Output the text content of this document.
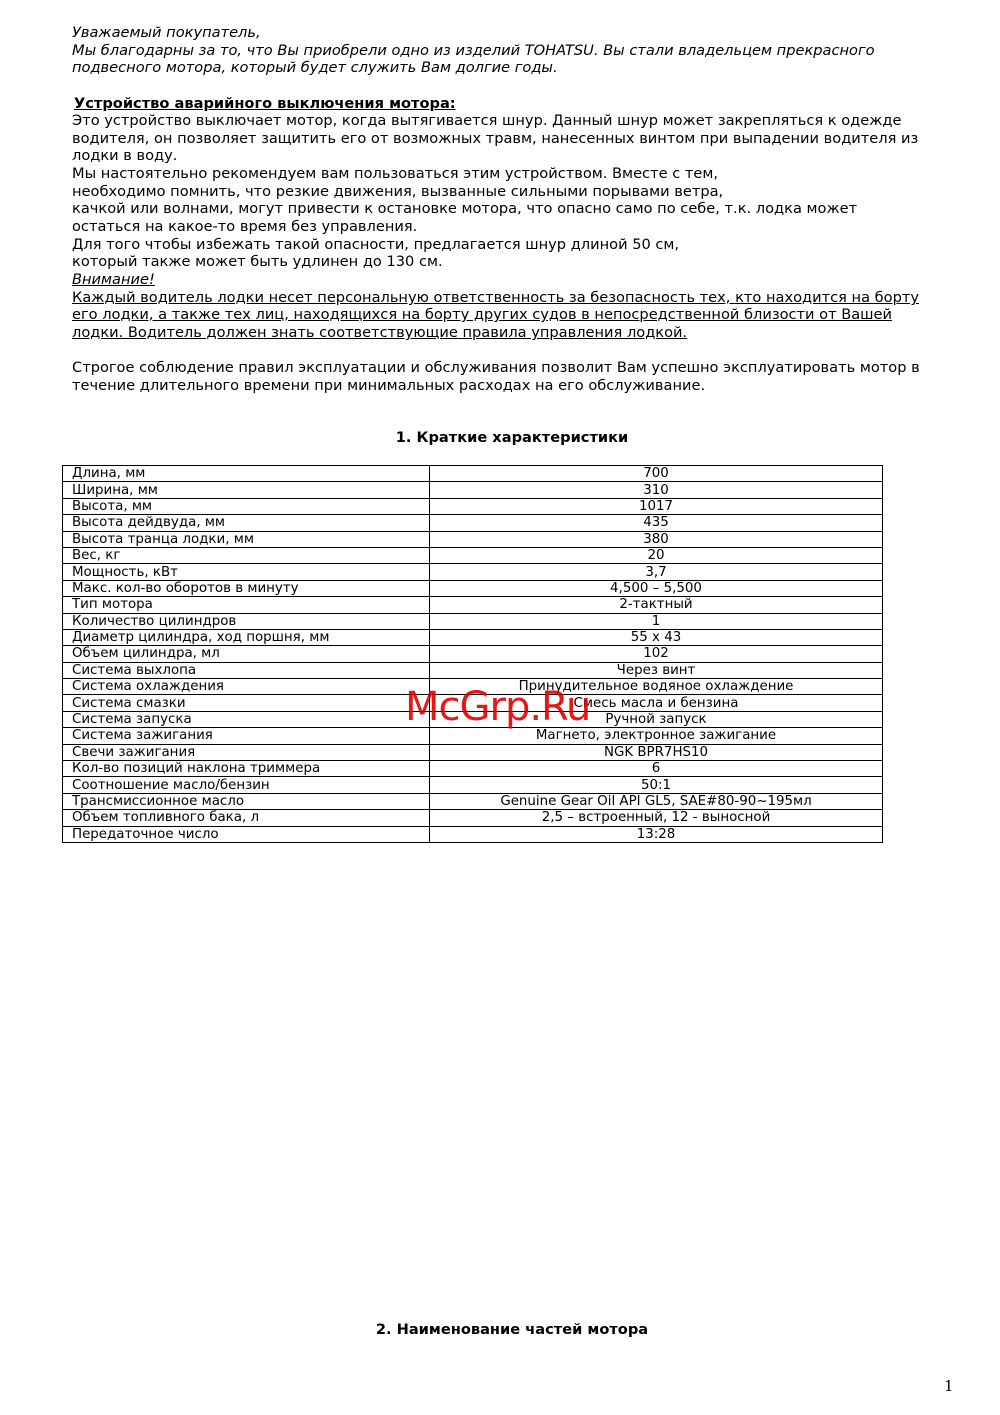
Уважаемый покупатель,
Мы благодарны за то, что Вы приобрели одно из изделий TOHATSU. Вы стали владельцем прекрасного
подвесного мотора, который будет служить Вам долгие годы.
Устройство аварийного выключения мотора:
Это устройство выключает мотор, когда вытягивается шнур. Данный шнур может закрепляться к одежде
водителя, он позволяет защитить его от возможных травм, нанесенных винтом при выпадении водителя из
лодки в воду.
Мы настоятельно рекомендуем вам пользоваться этим устройством. Вместе с тем,
необходимо помнить, что резкие движения, вызванные сильными порывами ветра,
качкой или волнами, могут привести к остановке мотора, что опасно само по себе, т.к. лодка может
остаться на какое-то время без управления.
Для того чтобы избежать такой опасности, предлагается шнур длиной 50 см,
который также может быть удлинен до 130 см.
Внимание!
Каждый водитель лодки несет персональную ответственность за безопасность тех, кто находится на борту
его лодки, а также тех лиц, находящихся на борту других судов в непосредственной близости от Вашей
лодки. Водитель должен знать соответствующие правила управления лодкой.
Строгое соблюдение правил эксплуатации и обслуживания позволит Вам успешно эксплуатировать мотор в
течение длительного времени при минимальных расходах на его обслуживание.
1. Краткие характеристики
Длина, мм	700
Ширина, мм	310
Высота, мм	1017
Высота дейдвуда, мм	435
Высота транца лодки, мм	380
Вес, кг	20
Мощность, кВт	3,7
Макс. кол-во оборотов в минуту	4,500 – 5,500
Тип мотора	2-тактный
Количество цилиндров	1
Диаметр цилиндра, ход поршня, мм	55 x 43
Объем цилиндра, мл	102
Система выхлопа	Через винт
Система охлаждения	Принудительное водяное охлаждение
Система смазки	Смесь масла и бензина
Система запуска	Ручной запуск
Система зажигания	Магнето, электронное зажигание
Свечи зажигания	NGK BPR7HS10
Кол-во позиций наклона триммера	6
Соотношение масло/бензин	50:1
Трансмиссионное масло	Genuine Gear Oil API GL5, SAE#80-90~195мл
Объем топливного бака, л	2,5 – встроенный, 12 - выносной
Передаточное число	13:28
McGrp.Ru
2. Наименование частей мотора
1
